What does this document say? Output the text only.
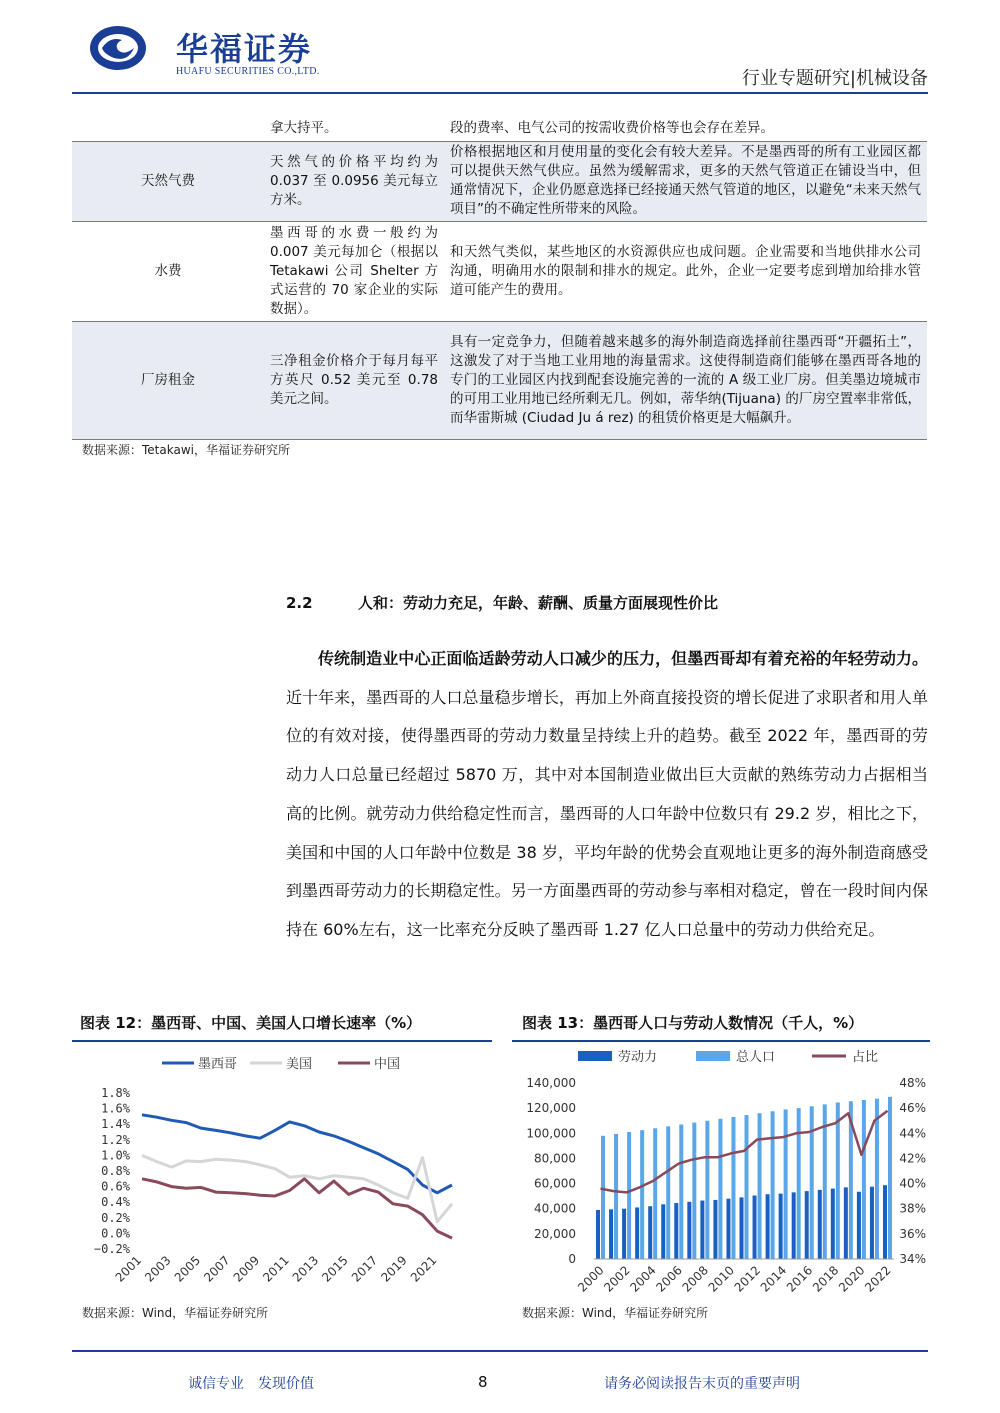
华福证券
HUAFU SECURITIES CO.,LTD.	行业专题研究|机械设备
	拿大持平。	段的费率、电气公司的按需收费价格等也会存在差异。
天然气费	天然气的价格平均约为 0.037 至 0.0956 美元每立方米。	价格根据地区和月使用量的变化会有较大差异。不是墨西哥的所有工业园区都可以提供天然气供应。虽然为缓解需求，更多的天然气管道正在铺设当中，但通常情况下，企业仍愿意选择已经接通天然气管道的地区，以避免“未来天然气项目”的不确定性所带来的风险。
水费	墨西哥的水费一般约为 0.007 美元每加仑（根据以 Tetakawi 公司 Shelter 方式运营的 70 家企业的实际数据）。	和天然气类似，某些地区的水资源供应也成问题。企业需要和当地供排水公司沟通，明确用水的限制和排水的规定。此外，企业一定要考虑到增加给排水管道可能产生的费用。
厂房租金	三净租金价格介于每月每平方英尺 0.52 美元至 0.78 美元之间。	具有一定竞争力，但随着越来越多的海外制造商选择前往墨西哥“开疆拓土”，这激发了对于当地工业用地的海量需求。这使得制造商们能够在墨西哥各地的专门的工业园区内找到配套设施完善的一流的 A 级工业厂房。但美墨边境城市的可用工业用地已经所剩无几。例如，蒂华纳(Tijuana) 的厂房空置率非常低，而华雷斯城 (Ciudad Ju á rez) 的租赁价格更是大幅飙升。
数据来源：Tetakawi，华福证券研究所
2.2	人和：劳动力充足，年龄、薪酬、质量方面展现性价比
传统制造业中心正面临适龄劳动人口减少的压力，但墨西哥却有着充裕的年轻劳动力。近十年来，墨西哥的人口总量稳步增长，再加上外商直接投资的增长促进了求职者和用人单位的有效对接，使得墨西哥的劳动力数量呈持续上升的趋势。截至 2022 年，墨西哥的劳动力人口总量已经超过 5870 万，其中对本国制造业做出巨大贡献的熟练劳动力占据相当高的比例。就劳动力供给稳定性而言，墨西哥的人口年龄中位数只有 29.2 岁，相比之下，美国和中国的人口年龄中位数是 38 岁，平均年龄的优势会直观地让更多的海外制造商感受到墨西哥劳动力的长期稳定性。另一方面墨西哥的劳动参与率相对稳定，曾在一段时间内保持在 60%左右，这一比率充分反映了墨西哥 1.27 亿人口总量中的劳动力供给充足。
图表 12：墨西哥、中国、美国人口增长速率（%）	图表 13：墨西哥人口与劳动人数情况（千人，%）
墨西哥	美国	中国
1.8%
1.6%
1.4%
1.2%
1.0%
0.8%
0.6%
0.4%
0.2%
0.0%
−0.2%
2001
2003
2005
2007
2009
2011
2013
2015
2017
2019
2021
劳动力	总人口	占比
140,000
120,000
100,000
80,000
60,000
40,000
20,000
0
48%
46%
44%
42%
40%
38%
36%
34%
2000
2002
2004
2006
2008
2010
2012
2014
2016
2018
2020
2022
数据来源：Wind，华福证券研究所	数据来源：Wind，华福证券研究所
诚信专业　发现价值	8	请务必阅读报告末页的重要声明
